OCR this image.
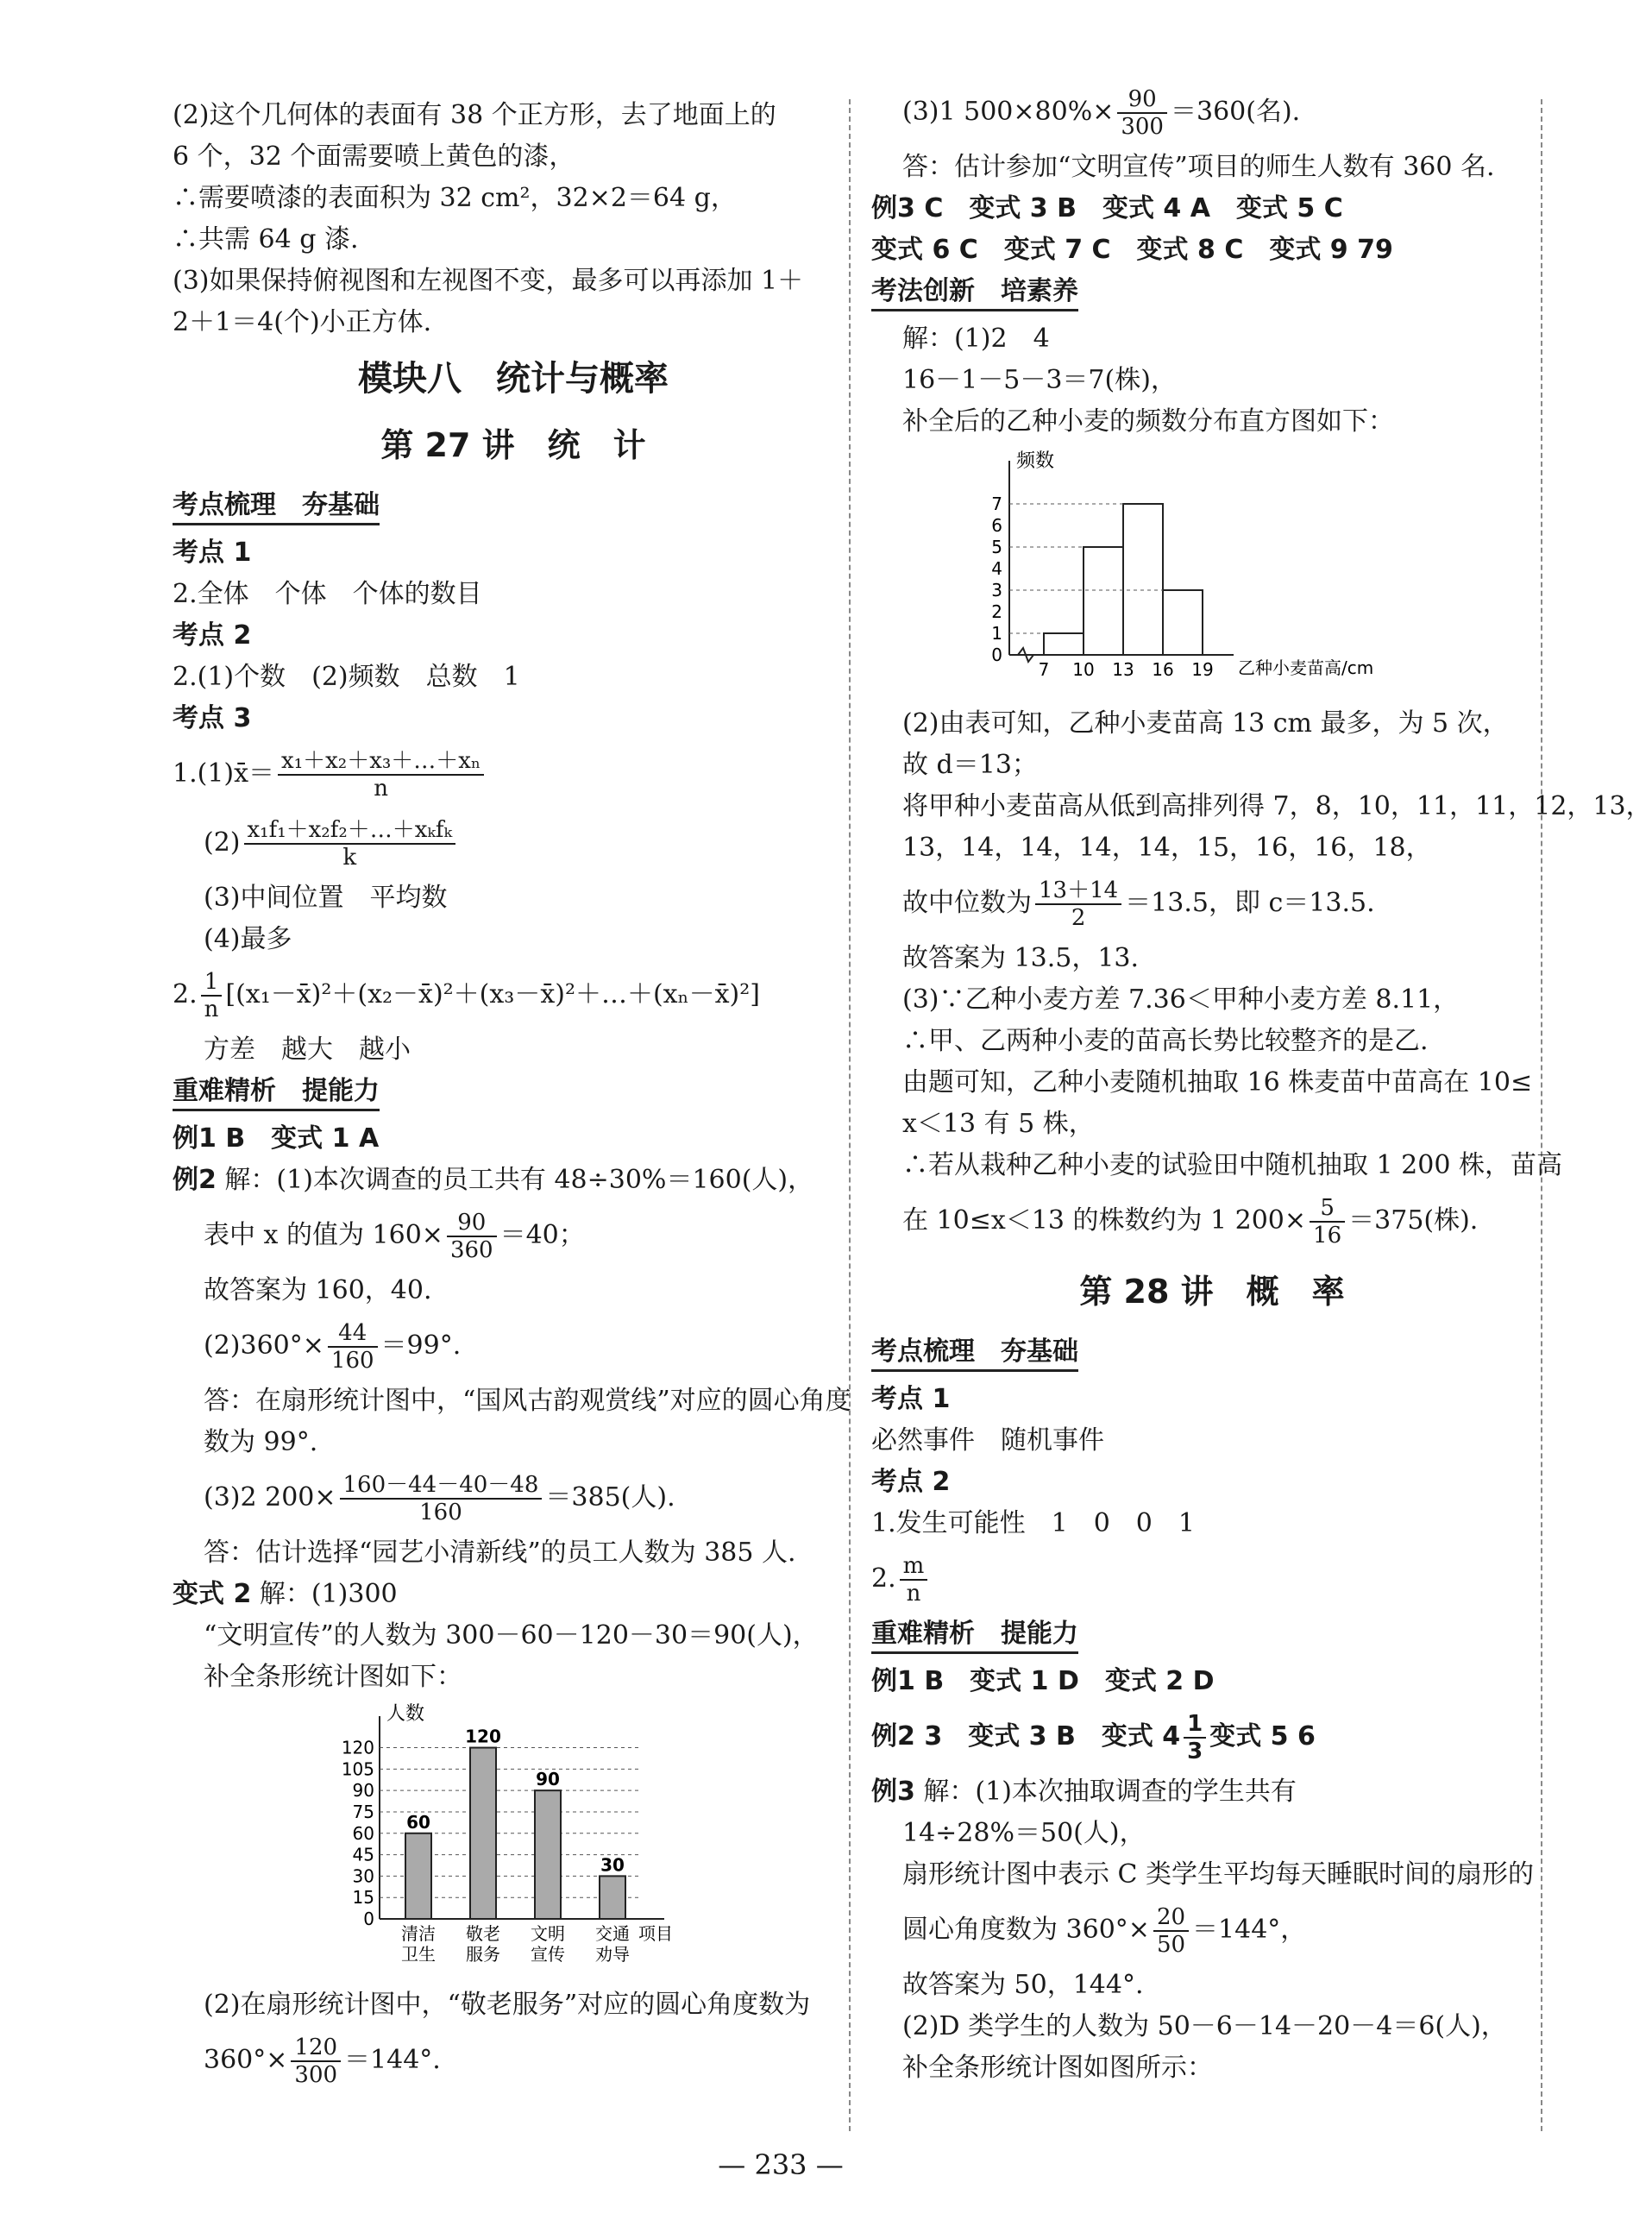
(2)这个几何体的表面有 38 个正方形，去了地面上的
6 个，32 个面需要喷上黄色的漆，
∴需要喷漆的表面积为 32 cm²，32×2＝64 g，
∴共需 64 g 漆.
(3)如果保持俯视图和左视图不变，最多可以再添加 1＋
2＋1＝4(个)小正方体.
模块八　统计与概率
第 27 讲　统　计
考点梳理　夯基础
考点 1
2.全体　个体　个体的数目
考点 2
2.(1)个数　(2)频数　总数　1
考点 3
1.(1)x̄＝ $\frac{\text{x₁＋x₂＋x₃＋…＋xₙ}}{n}$
$(2) \frac{\text{x₁f₁＋x₂f₂＋…＋xₖfₖ}}{k}$
(3)中间位置　平均数
(4)最多
2. $\frac{1}{n}$ [(x₁－x̄)²＋(x₂－x̄)²＋(x₃－x̄)²＋…＋(xₙ－x̄)²]
方差　越大　越小
重难精析　提能力
例1 B　变式 1 A
例2 解：(1)本次调查的员工共有 48÷30%＝160(人)，
表中 x 的值为 $160\times \frac{90}{360} =40$；
故答案为 160，40.
$(2)360^\circ\times \frac{44}{160} =99^\circ$.
答：在扇形统计图中，“国风古韵观赏线”对应的圆心角度
数为 99°.
(3)2 $200\times \frac{160-44-40-48}{160} =385$(人).
答：估计选择“园艺小清新线”的员工人数为 385 人.
变式 2 解：(1)300
“文明宣传”的人数为 300－60－120－30＝90(人)，
补全条形统计图如下：
人数
项目
0
15
30
45
60
75
90
105
120
60
清洁
卫生
120
敬老
服务
90
文明
宣传
30
交通
劝导
(2)在扇形统计图中，“敬老服务”对应的圆心角度数为
$360^\circ\times \frac{120}{300} =144^\circ$.
(3)1 $500\times 80\%\times \frac{90}{300} =360$(名).
答：估计参加“文明宣传”项目的师生人数有 360 名.
例3 C　变式 3 B　变式 4 A　变式 5 C
变式 6 C　变式 7 C　变式 8 C　变式 9 79
考法创新　培素养
解：(1)2　4
16－1－5－3＝7(株)，
补全后的乙种小麦的频数分布直方图如下：
频数
乙种小麦苗高/cm
0
1
2
3
4
5
6
7
7 10 13 16 19
(2)由表可知，乙种小麦苗高 13 cm 最多，为 5 次，
故 d＝13；
将甲种小麦苗高从低到高排列得 7，8，10，11，11，12，13，
13，14，14，14，14，15，16，16，18，
故中位数为 $\frac{13+14}{2} =13.5$，即 c＝13.5.
故答案为 13.5，13.
(3)∵乙种小麦方差 7.36＜甲种小麦方差 8.11，
∴甲、乙两种小麦的苗高长势比较整齐的是乙.
由题可知，乙种小麦随机抽取 16 株麦苗中苗高在 10≤
x＜13 有 5 株，
∴若从栽种乙种小麦的试验田中随机抽取 1 200 株，苗高
在 10≤x＜13 的株数约为 1 $200\times \frac{5}{16} =375$(株).
第 28 讲　概　率
考点梳理　夯基础
考点 1
必然事件　随机事件
考点 2
1.发生可能性　1　0　0　1
2. $\frac{m}{n}$
重难精析　提能力
例1 B　变式 1 D　变式 2 D
例2 3　变式 3 B　变式 $4 \frac{1}{3}$ 变式 5 6
例3 解：(1)本次抽取调查的学生共有
14÷28%＝50(人)，
扇形统计图中表示 C 类学生平均每天睡眠时间的扇形的
圆心角度数为 $360^\circ\times \frac{20}{50} =144^\circ$，
故答案为 50，144°.
(2)D 类学生的人数为 50－6－14－20－4＝6(人)，
补全条形统计图如图所示：
— 233 —
